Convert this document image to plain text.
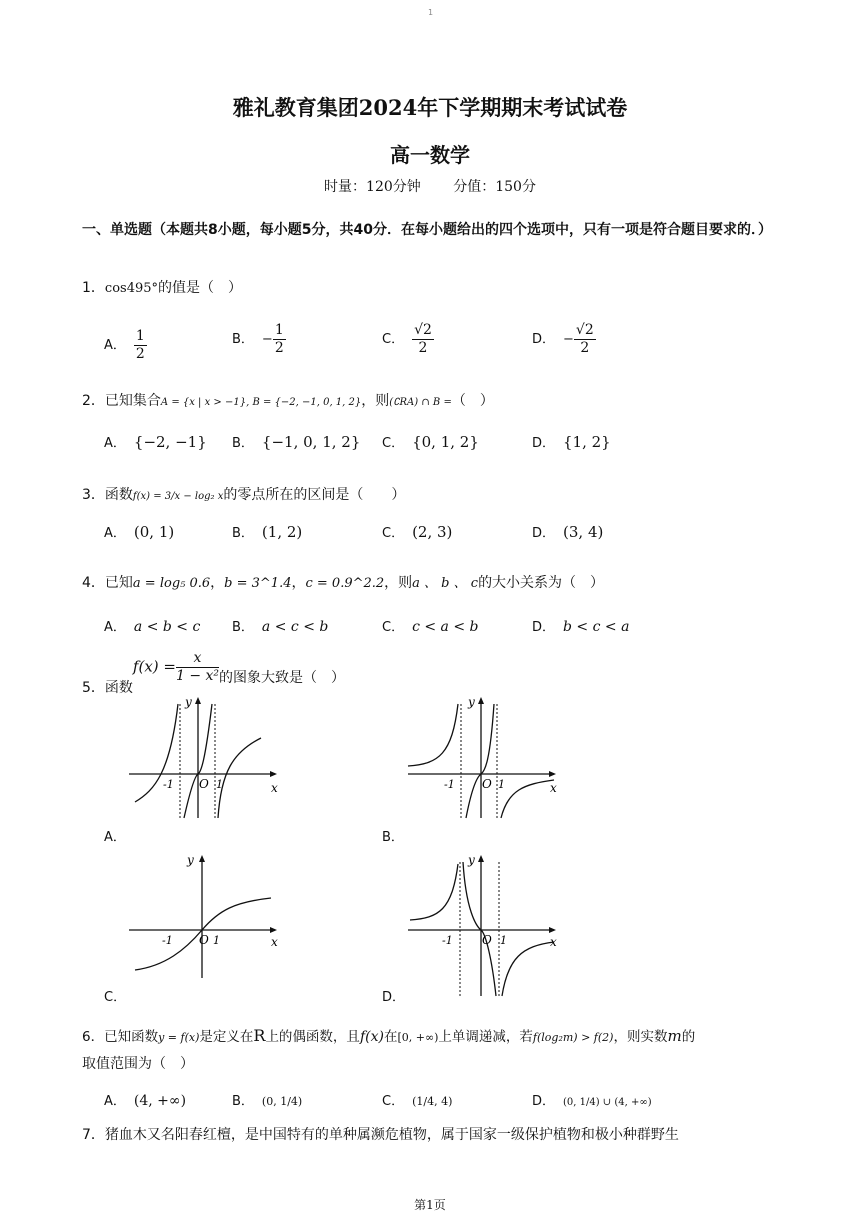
1
雅礼教育集团2024年下学期期末考试试卷
高一数学
时量：120分钟 分值：150分
一、单选题（本题共8小题，每小题5分，共40分．在每小题给出的四个选项中，只有一项是符合题目要求的．）
1．cos495°的值是（　）
A． $\frac{1}{2}$	B． − $\frac{1}{2}$	C． $\frac{√2}{2}$	D． − $\frac{√2}{2}$
2．已知集合A = {x | x > −1}, B = {−2, −1, 0, 1, 2}，则(∁RA) ∩ B =（　）
A． {−2, −1} B． {−1, 0, 1, 2} C． {0, 1, 2}	D． {1, 2}
3．函数f(x) = 3/x − log₂ x的零点所在的区间是（　　）
A． (0, 1)	B． (1, 2)	C． (2, 3)	D． (3, 4)
4．已知a = log₅ 0.6，b = 3^1.4，c = 0.9^2.2，则a 、 b 、 c的大小关系为（　）
A． a < b < c B． a < c < b	C． c < a < b	D． b < c < a
5．函数$f(x) = \frac{x}{\text{1 − x²}}$ 的图象大致是（　）
y
x
O
-1	1
A．
y
x
O
-1	1
B．
y
x
O
-1	1
C．
y
x
O
-1	1
D．
6．已知函数y = f(x)是定义在R上的偶函数，且f(x)在[0, +∞)上单调递减，若f(log₂m) > f(2)，则实数m的
取值范围为（　）
A． (4, +∞)	B． (0, 1/4)	C． (1/4, 4)	D． (0, 1/4) ∪ (4, +∞)
7．猪血木又名阳春红檀，是中国特有的单种属濒危植物，属于国家一级保护植物和极小种群野生
第1页
